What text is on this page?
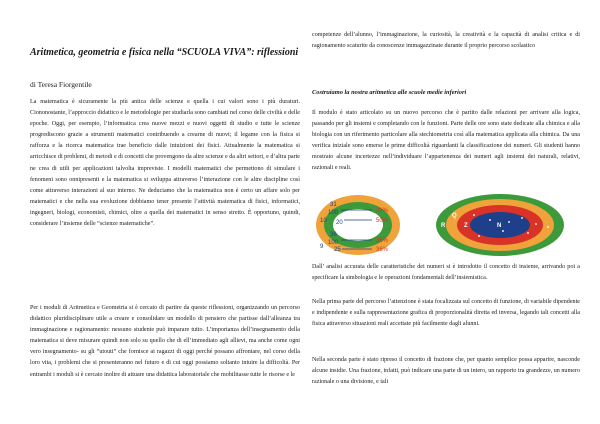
Aritmetica, geometria e fisica nella “SCUOLA VIVA”: riflessioni
di Teresa Fiorgentile

La matematica è sicuramente la più antica delle scienze e quella i cui valori sono i più duraturi. Ciononostante, l’approccio didattico e le metodologie per studiarla sono cambiati nel corso delle civiltà e delle epoche. Oggi, per esempio, l’informatica crea nuove mezzi e nuovi oggetti di studio e tutte le scienze progrediscono grazie a strumenti matematici contribuendo a crearne di nuovi; il legame con la fisica si rafforza e la ricerca matematica trae beneficio dalle intuizioni dei fisici. Attualmente la matematica si arricchisce di problemi, di metodi e di concetti che provengono da altre scienze e da altri settori, e d’altra parte ne crea di utili per applicazioni talvolta impreviste. I modelli matematici che permettono di simulare i fenomeni sono onnipresenti e la matematica si sviluppa attraverso l’interazione con le altre discipline così come attraverso interazioni al suo interno. Ne deduciamo che la matematica non è certo un affare solo per matematici e che nella sua evoluzione dobbiamo tener presente l’attività matematica di fisici, informatici, ingegneri, biologi, economisti, chimici, oltre a quella dei matematici in senso stretto. È opportuno, quindi, considerare l’insieme delle “scienze matematiche”.

Per i moduli di Aritmetica e Geometria si è cercato di partire da queste riflessioni, organizzando un percorso didattico pluridisciplinare utile a creare e consolidare un modello di pensiero che partisse dall’alleanza tra immaginazione e ragionamento: nessuno studente può imparare tutto. L’importanza dell’insegnamento della matematica si deve misurare quindi non solo su quello che di ell’immediato agli allievi, ma anche come ogni vero insegnamento- su gli “utouti” che fornisce ai ragazzi di oggi perché possano affrontare, nel corso della loro vita, i problemi che si presenteranno nel futuro e di cui oggi possiamo soltanto intuire la difficoltà. Per entrambi i moduli si è cercato inoltre di attuare una didattica laboratoriale che mobilitasse tutte le risorse e le

competenze dell’alunno, l’immaginazione, la curiosità, la creatività e la capacità di analisi critica e di ragionamento scaturite da conoscenze immagazzinate durante il proprio percorso scolastico

Costruiamo la nostra aritmetica alle scuole medie inferiori

Il modulo è stato articolato su un nuovo percorso che è partito dalle relazioni per arrivare alla logica, passando per gli insiemi e completando con le funzioni. Parte delle ore sono state dedicate alla chimica e alla biologia con un riferimento particolare alla stechiometria così alla matematica applicata alla chimica. Da una verifica iniziale sono emerse le prime difficoltà riguardanti la classificazione dei numeri. Gli studenti hanno mostrato alcune incertezze nell’individuare l’appartenenza dei numeri agli insiemi dei naturali, relativi, razionali e reali.

31
100
10 20
36
100
9 25
31%
50%
36%
36%
N
Z
Q
R

Dall’ analisi accurata delle caratteristiche dei numeri si è introdotto il concetto di insieme, arrivando poi a specificare la simbologia e le operazioni fondamentali dell’insiemistica.

Nella prima parte del percorso l’attenzione è stata focalizzata sul concetto di funzione, di variabile dipendente e indipendente e sulla rappresentazione grafica di proporzionalità diretta ed inversa, legando tali concetti alla fisica attraverso situazioni reali accettate più facilmente dagli alunni.

Nella seconda parte è stato ripreso il concetto di frazione che, per quanto semplice possa apparire, nasconde alcune insidie. Una frazione, infatti, può indicare una parte di un intero, un rapporto tra grandezze, un numero razionale o una divisione, e tali
